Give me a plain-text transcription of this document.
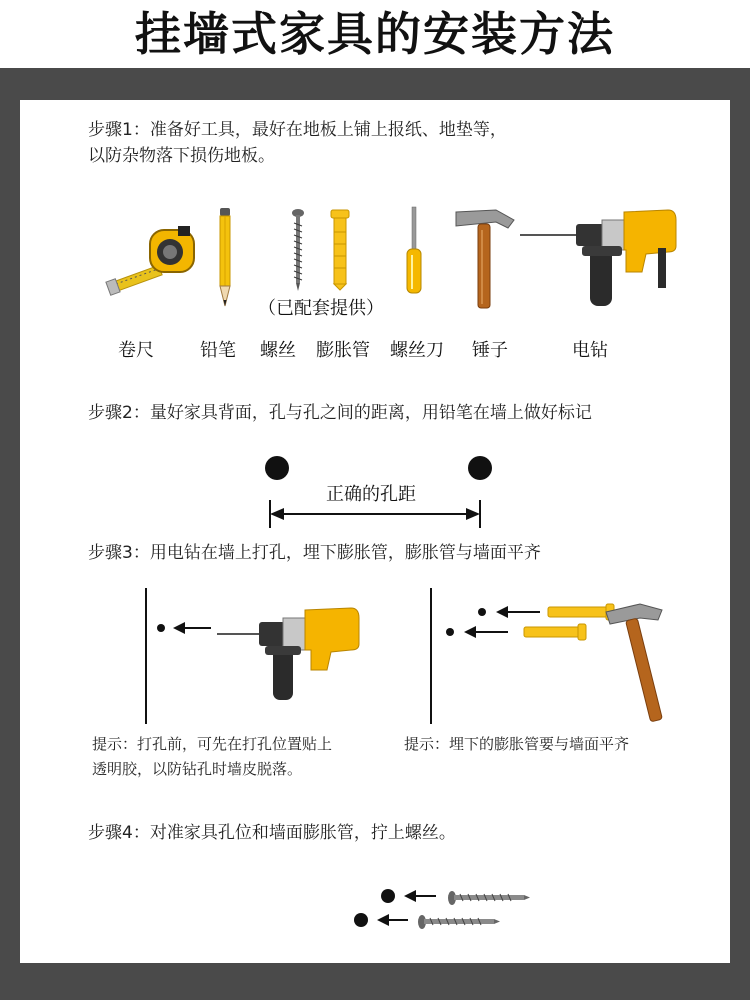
挂墙式家具的安装方法
步骤1：准备好工具，最好在地板上铺上报纸、地垫等，
以防杂物落下损伤地板。
（已配套提供）
卷尺	铅笔 螺丝 膨胀管 螺丝刀 锤子	电钻
步骤2：量好家具背面，孔与孔之间的距离，用铅笔在墙上做好标记
正确的孔距
步骤3：用电钻在墙上打孔，埋下膨胀管，膨胀管与墙面平齐
提示：打孔前，可先在打孔位置贴上
透明胶，以防钻孔时墙皮脱落。
提示：埋下的膨胀管要与墙面平齐
步骤4：对准家具孔位和墙面膨胀管，拧上螺丝。
